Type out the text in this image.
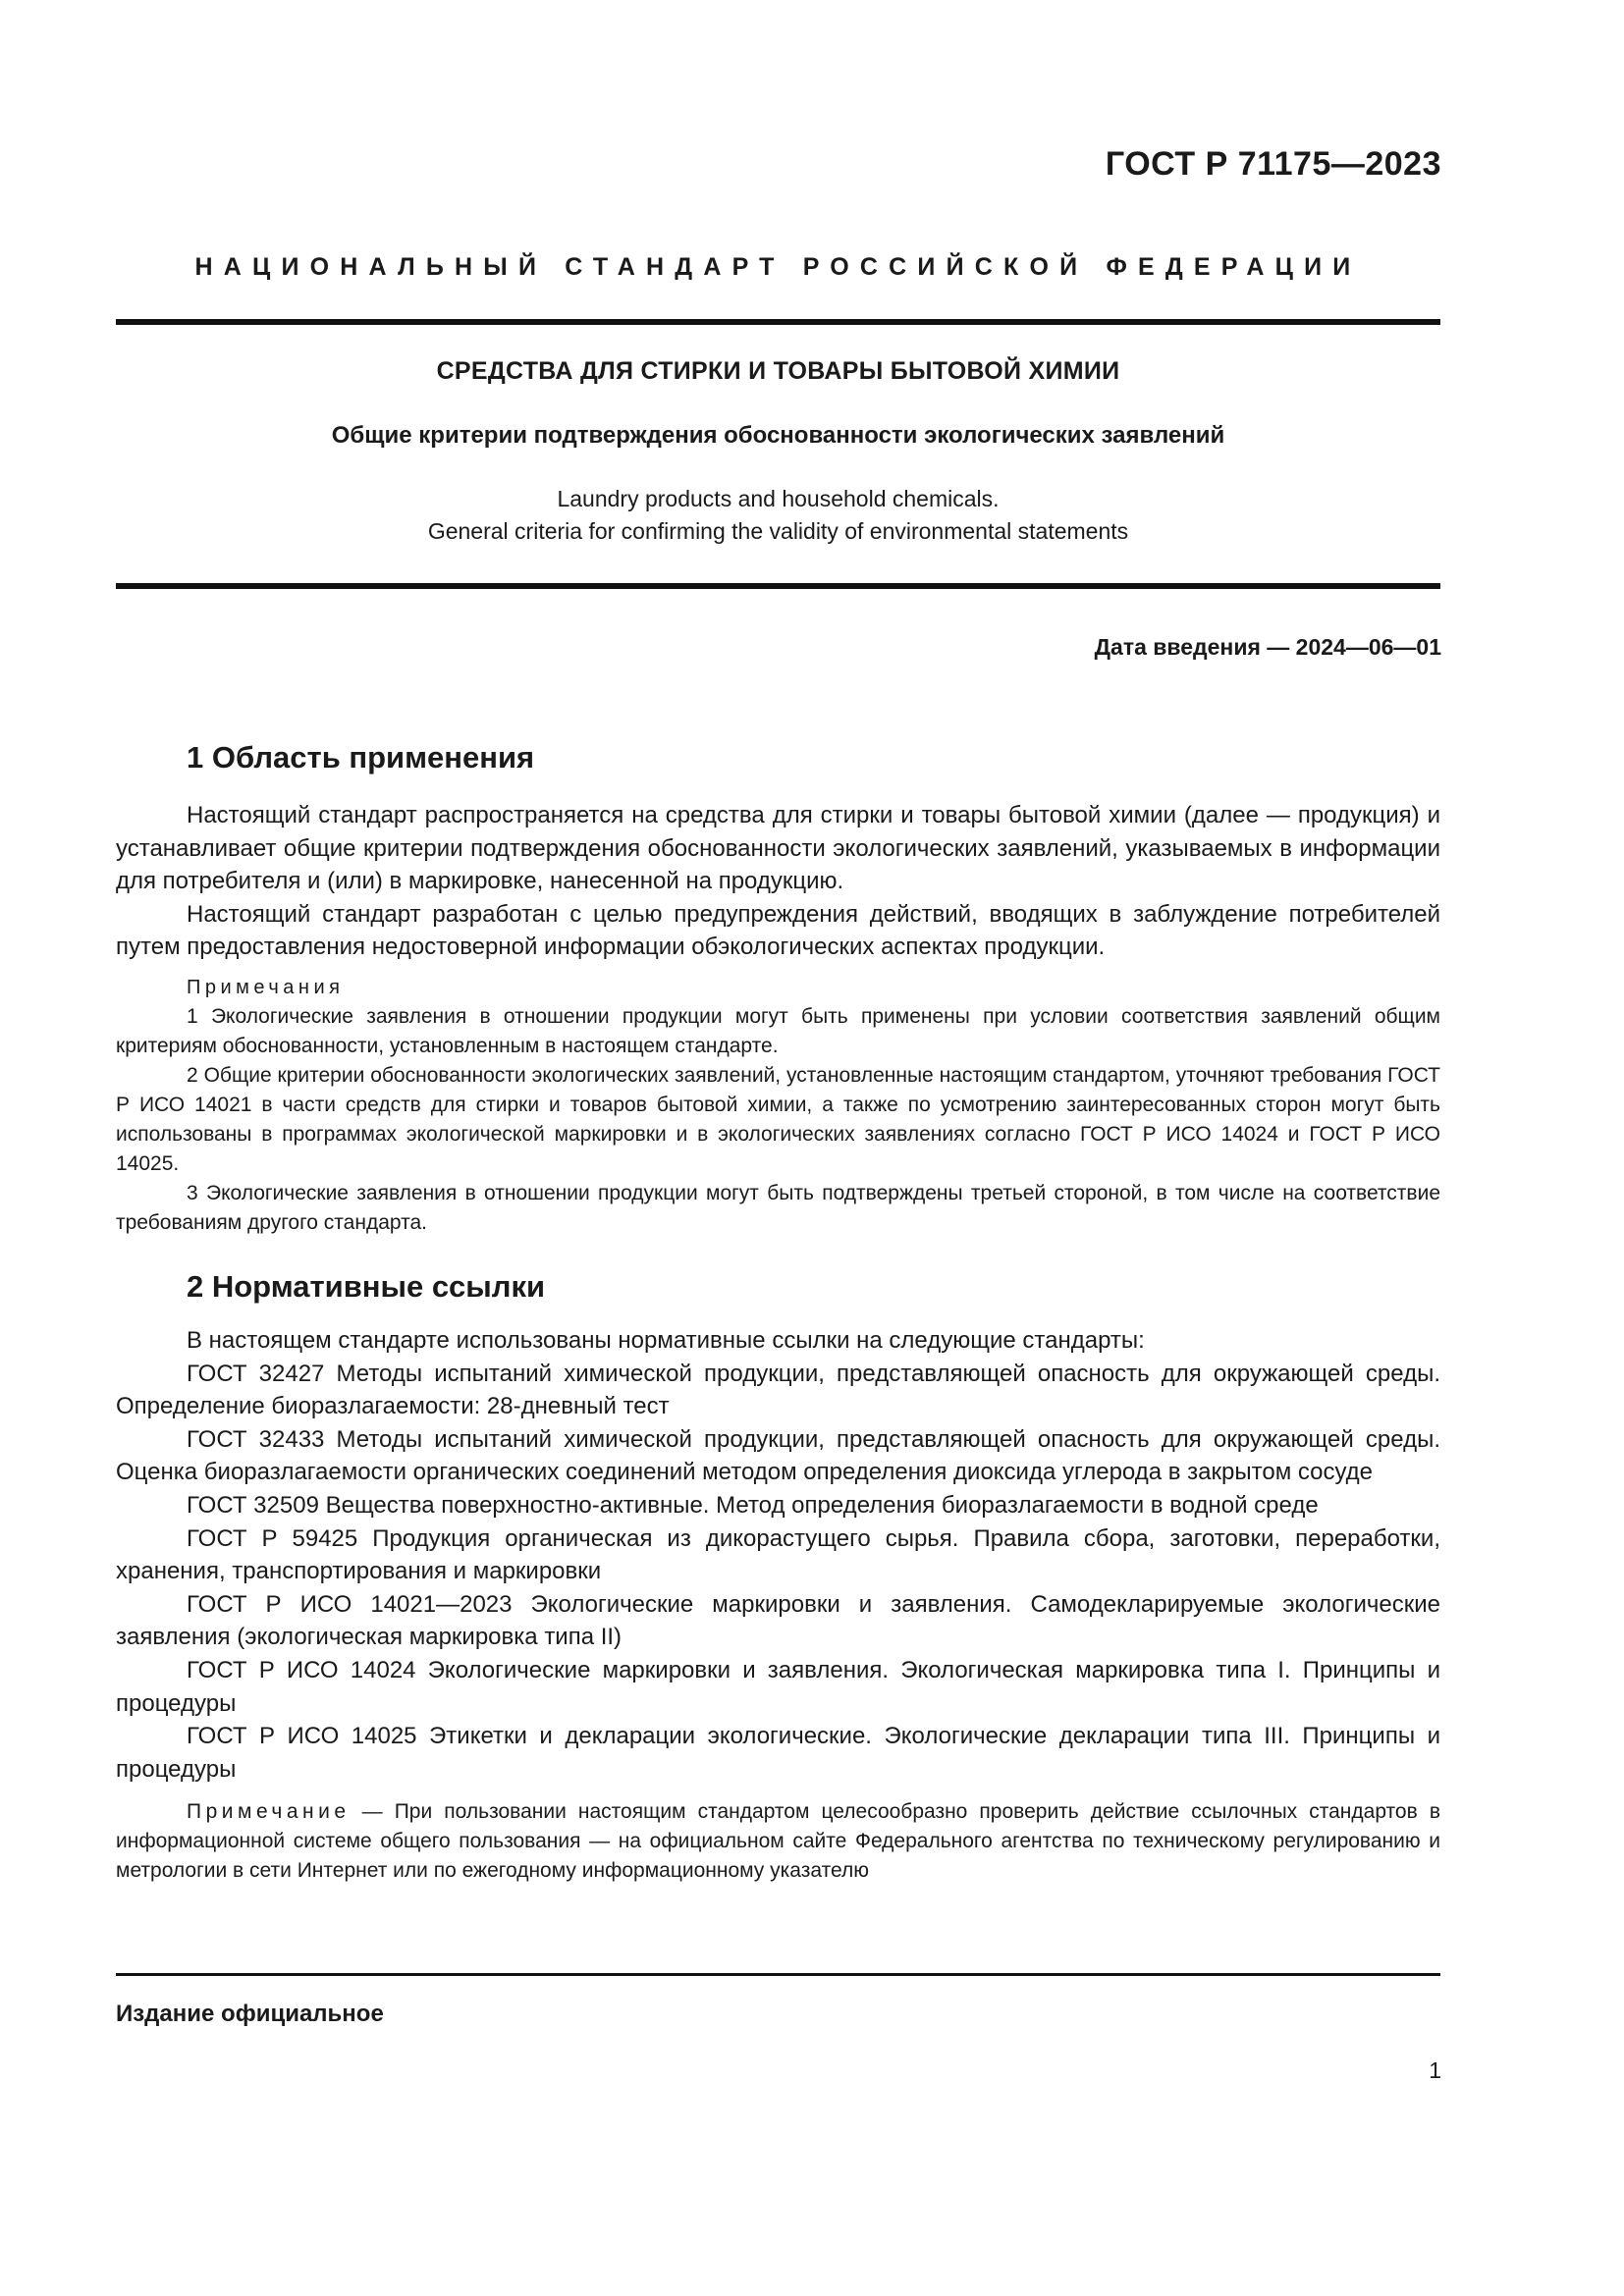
ГОСТ Р 71175—2023
НАЦИОНАЛЬНЫЙ СТАНДАРТ РОССИЙСКОЙ ФЕДЕРАЦИИ
СРЕДСТВА ДЛЯ СТИРКИ И ТОВАРЫ БЫТОВОЙ ХИМИИ
Общие критерии подтверждения обоснованности экологических заявлений
Laundry products and household chemicals.
General criteria for confirming the validity of environmental statements
Дата введения — 2024—06—01
1 Область применения

Настоящий стандарт распространяется на средства для стирки и товары бытовой химии (далее — продукция) и устанавливает общие критерии подтверждения обоснованности экологических заявлений, указываемых в информации для потребителя и (или) в маркировке, нанесенной на продукцию.

Настоящий стандарт разработан с целью предупреждения действий, вводящих в заблуждение потребителей путем предоставления недостоверной информации обэкологических аспектах продукции.

Примечания

1 Экологические заявления в отношении продукции могут быть применены при условии соответствия заявлений общим критериям обоснованности, установленным в настоящем стандарте.

2 Общие критерии обоснованности экологических заявлений, установленные настоящим стандартом, уточняют требования ГОСТ Р ИСО 14021 в части средств для стирки и товаров бытовой химии, а также по усмотрению заинтересованных сторон могут быть использованы в программах экологической маркировки и в экологических заявлениях согласно ГОСТ Р ИСО 14024 и ГОСТ Р ИСО 14025.

3 Экологические заявления в отношении продукции могут быть подтверждены третьей стороной, в том числе на соответствие требованиям другого стандарта.

2 Нормативные ссылки

В настоящем стандарте использованы нормативные ссылки на следующие стандарты:

ГОСТ 32427 Методы испытаний химической продукции, представляющей опасность для окружающей среды. Определение биоразлагаемости: 28-дневный тест

ГОСТ 32433 Методы испытаний химической продукции, представляющей опасность для окружающей среды. Оценка биоразлагаемости органических соединений методом определения диоксида углерода в закрытом сосуде

ГОСТ 32509 Вещества поверхностно-активные. Метод определения биоразлагаемости в водной среде

ГОСТ Р 59425 Продукция органическая из дикорастущего сырья. Правила сбора, заготовки, переработки, хранения, транспортирования и маркировки

ГОСТ Р ИСО 14021—2023 Экологические маркировки и заявления. Самодекларируемые экологические заявления (экологическая маркировка типа II)

ГОСТ Р ИСО 14024 Экологические маркировки и заявления. Экологическая маркировка типа I. Принципы и процедуры

ГОСТ Р ИСО 14025 Этикетки и декларации экологические. Экологические декларации типа III. Принципы и процедуры

Примечание — При пользовании настоящим стандартом целесообразно проверить действие ссылочных стандартов в информационной системе общего пользования — на официальном сайте Федерального агентства по техническому регулированию и метрологии в сети Интернет или по ежегодному информационному указателю

Издание официальное
1
